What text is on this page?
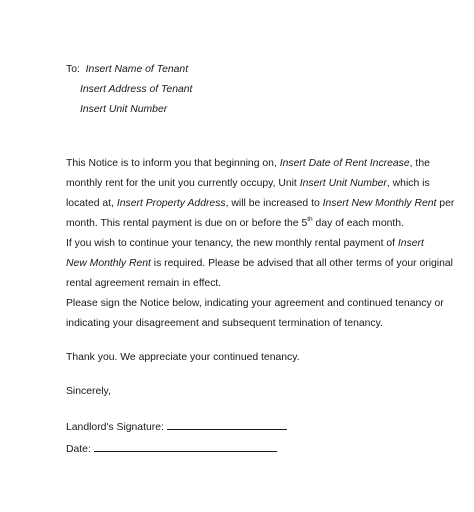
To: Insert Name of Tenant

Insert Address of Tenant

Insert Unit Number

This Notice is to inform you that beginning on, Insert Date of Rent Increase, the

monthly rent for the unit you currently occupy, Unit Insert Unit Number, which is

located at, Insert Property Address, will be increased to Insert New Monthly Rent per

month. This rental payment is due on or before the 5th day of each month.

If you wish to continue your tenancy, the new monthly rental payment of Insert

New Monthly Rent is required. Please be advised that all other terms of your original

rental agreement remain in effect.

Please sign the Notice below, indicating your agreement and continued tenancy or

indicating your disagreement and subsequent termination of tenancy.

Thank you. We appreciate your continued tenancy.

Sincerely,

Landlord's Signature:

Date:
